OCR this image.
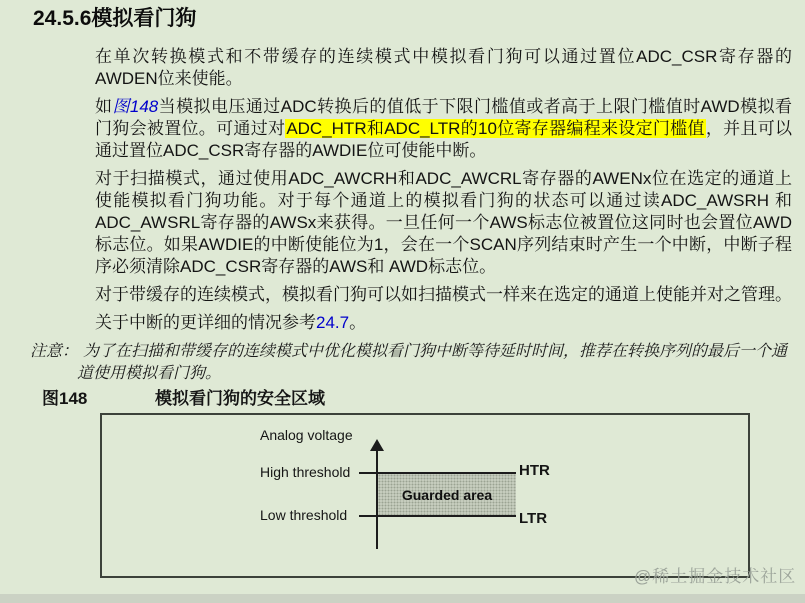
24.5.6模拟看门狗

在单次转换模式和不带缓存的连续模式中模拟看门狗可以通过置位ADC_CSR寄存器的AWDEN位来使能。

如图148当模拟电压通过ADC转换后的值低于下限门槛值或者高于上限门槛值时AWD模拟看门狗会被置位。可通过对ADC_HTR和ADC_LTR的10位寄存器编程来设定门槛值，并且可以通过置位ADC_CSR寄存器的AWDIE位可使能中断。

对于扫描模式，通过使用ADC_AWCRH和ADC_AWCRL寄存器的AWENx位在选定的通道上使能模拟看门狗功能。对于每个通道上的模拟看门狗的状态可以通过读ADC_AWSRH 和ADC_AWSRL寄存器的AWSx来获得。一旦任何一个AWS标志位被置位这同时也会置位AWD标志位。如果AWDIE的中断使能位为1，会在一个SCAN序列结束时产生一个中断，中断子程序必须清除ADC_CSR寄存器的AWS和 AWD标志位。

对于带缓存的连续模式，模拟看门狗可以如扫描模式一样来在选定的通道上使能并对之管理。

关于中断的更详细的情况参考24.7。

注意： 为了在扫描和带缓存的连续模式中优化模拟看门狗中断等待延时时间，推荐在转换序列的最后一个通道使用模拟看门狗。
图148	模拟看门狗的安全区域
Analog voltage
High threshold	HTR
Guarded area
Low threshold	LTR
@稀土掘金技术社区
